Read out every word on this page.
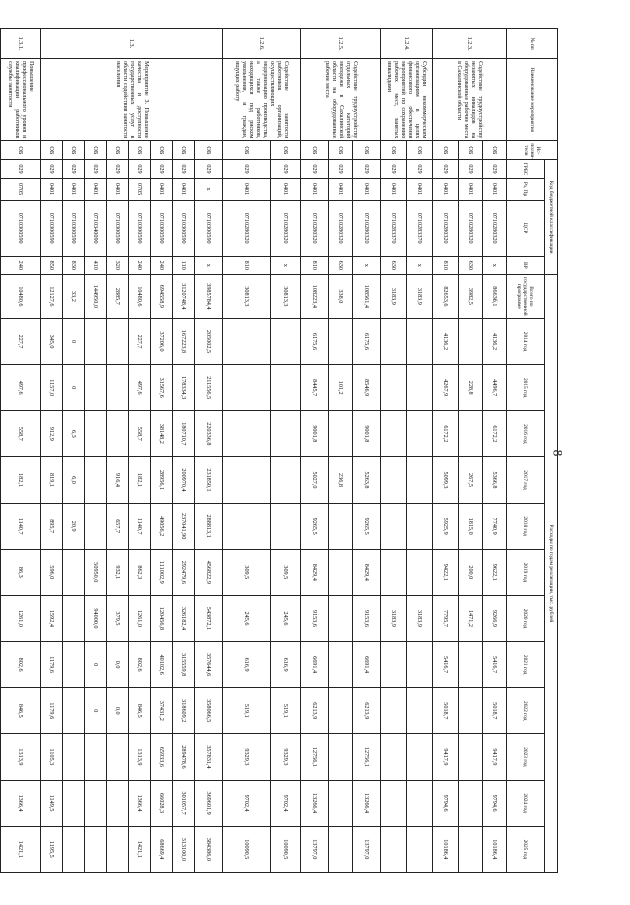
8
№ пп	Наименование мероприятия	Ис-полни-тели	Код бюджетной классификации				Расходы по годам реализации, тыс. рублей												
			ГРБС	Рз, Пр	ЦСР	ВР	Всего по государственной программе	2014 год	2015 год	2016 год	2017 год	2018 год	2019 год	2020 год	2021 год	2022 год	2023 год	2024 год	2025 год
1.2.3.	Содействие трудоустройству незанятых инвалидов на оборудованные рабочие места в Сахалинской области	ОБ	029	0401	0710280320	х	8663б,1	4136,2	4496,7	6172,2	5366,8	7740,9	9622,1	9266,9	5416,7	5018,7	9417,9	9794,6	10186,4
		ОБ	029	0401	0710280320	630	3982,5		228,8		267,5	1815,0	200,0	1471,2					
		ОБ	029	0401	0710280320	810	82653,6	4136,2	4267,9	6172,2	5099,3	5925,9	9422,1	7795,7	5416,7	5018,7	9417,9	9794,6	10186,4
1.2.4.	Субсидии некоммерческим организациям в целях финансового обеспечения мероприятий по сохранению рабочих мест, занятых инвалидами	ОБ	029	0401	0710283370	х	3183,9							3183,9					
		ОБ	029	0401	0710283370	630	3183,9							3183,9					
1.2.5.	Содействие трудоустройству отдельных категорий молодежи в Сахалинской области на оборудованные рабочие места	ОБ	029	0401	0710280320	х	108561,4	6175,6	8546,9	9001,8	5263,8	9265,5	8429,4	9153,6	6691,4	6213,9	12756,1	13266,4	13797,0
		ОБ	029	0401	0710280320	630	338,0		101,2		236,8								
		ОБ	029	0401	0710280320	810	108223,4	6175,6	8445,7	9001,8	5027,0	9265,5	8429,4	9153,6	6691,4	6213,9	12756,1	13266,4	13797,0
1.2.6.	Содействие занятости работников организаций, осуществляющих модернизацию производства, а также работников, находящихся под риском увольнения, и граждан, ищущих работу	ОБ	029	0401	0710280320	х	30813,3						309,5	245,6	616,9	519,1	9329,3	9702,4	10090,5
		ОБ	029	0401	0710280320	810	30813,3						309,5	245,6	616,9	519,1	9329,3	9702,4	10090,5
1.3.	Мероприятие 3. Повышение качества и доступности государственных услуг в области содействия занятости населения	ОБ	029	х	0710300590	х	3985784,4	205002,5	211556,5	220336,8	231850,1	288813,1	456822,9	543872,1	357644,6	358066,5	357831,4	369601,9	384386,0
		ОБ	029	0401	0710300590	110	3120748,4	167223,8	178334,3	180710,7	200970,4	237041,90	292479,6	326182,4	315559,8	318609,2	289478,6	301057,7	313100,0
		ОБ	029	0401	0710300590	240	694558,9	37206,0	31567,6	38148,2	28956,1	49056,2	111002,9	120456,8	40102,6	37431,2	65933,6	66028,3	68669,4
		ОБ	029	0705	0710300590	240	10480,6	227,7	497,6	558,7	182,1	1140,7	862,3	1261,0	802,6	846,5	1313,9	1366,4	1421,1
		ОБ	029	0401	0710300590	320	2885,7				916,4	657,7	932,1	379,5	0,0	0,0			
		ОБ	029	0401	0710340090	410	144950,0						50950,0	94000,0	0	0			
		ОБ	029	0401	0710300590	830	33,2	0	0	6,3	6,0	20,9							
		ОБ	029	0401	0710300590	850	12127,6	345,0	1157,0	912,9	819,1	895,7	596,0	1592,4	1179,6	1179,6	1105,3	1149,5	1195,5
1.3.1.	Повышение профессионального уровня и квалификации работников службы занятости	ОБ	029	0705	0710300590	240	10480,6	227,7	497,6	558,7	182,1	1140,7	86,3	1261,0	802,6	846,5	1313,9	1366,4	1421,1
